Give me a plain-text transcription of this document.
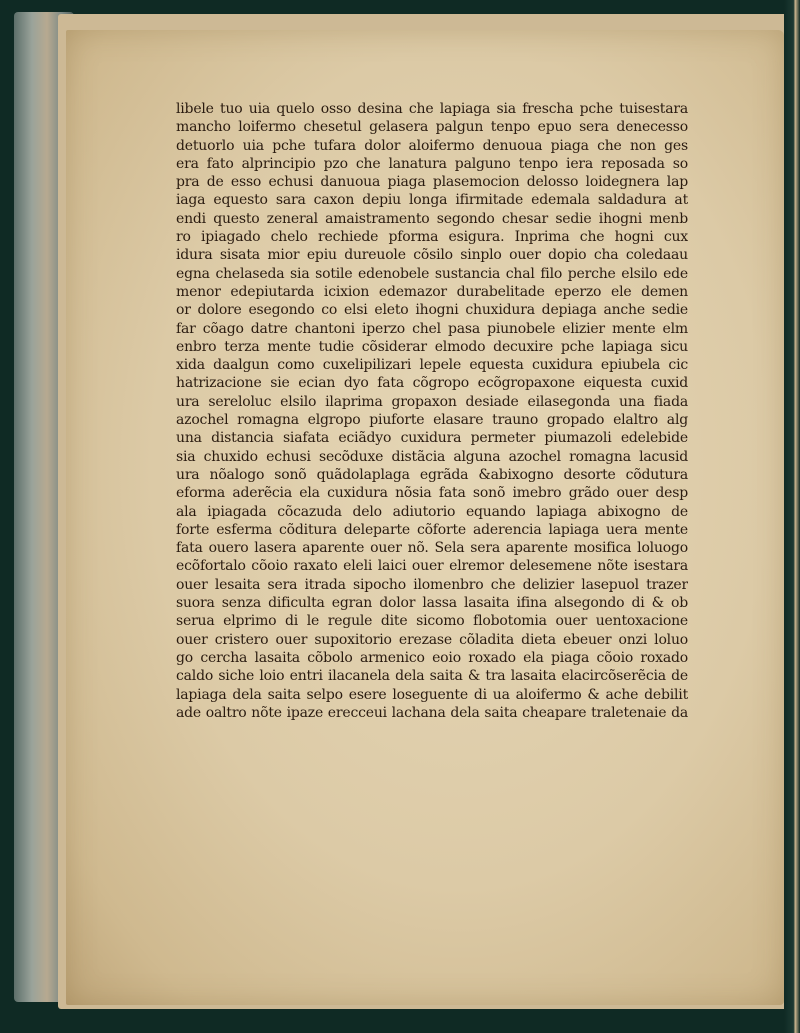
libele tuo uia quelo osso desina che lapiaga sia frescha pche tuisestara
mancho loifermo chesetul gelasera palgun tenpo epuo sera denecesso
detuorlo uia pche tufara dolor aloifermo denuoua piaga che non ges
era fato alprincipio pzo che lanatura palguno tenpo iera reposada so
pra de esso echusi danuoua piaga plasemocion delosso loidegnera lap
iaga equesto sara caxon depiu longa ifirmitade edemala saldadura at
endi questo zeneral amaistramento segondo chesar sedie ihogni menb
ro ipiagado chelo rechiede pforma esigura. Inprima che hogni cux
idura sisata mior epiu dureuole cõsilo sinplo ouer dopio cha coledaau
egna chelaseda sia sotile edenobele sustancia chal filo perche elsilo ede
menor edepiutarda icixion edemazor durabelitade eperzo ele demen
or dolore esegondo co elsi eleto ihogni chuxidura depiaga anche sedie
far cõago datre chantoni iperzo chel pasa piunobele elizier mente elm
enbro terza mente tudie cõsiderar elmodo decuxire pche lapiaga sicu
xida daalgun como cuxelipilizari lepele equesta cuxidura epiubela cic
hatrizacione sie ecian dyo fata cõgropo ecõgropaxone eiquesta cuxid
ura sereloluc elsilo ilaprima gropaxon desiade eilasegonda una fiada
azochel romagna elgropo piuforte elasare trauno gropado elaltro alg
una distancia siafata eciãdyo cuxidura permeter piumazoli edelebide
sia chuxido echusi secõduxe distãcia alguna azochel romagna lacusid
ura nõalogo sonõ quãdolaplaga egrãda &abixogno desorte cõdutura
eforma aderẽcia ela cuxidura nõsia fata sonõ imebro grãdo ouer desp
ala ipiagada cõcazuda delo adiutorio equando lapiaga abixogno de
forte esferma cõditura deleparte cõforte aderencia lapiaga uera mente
fata ouero lasera aparente ouer nõ. Sela sera aparente mosifica loluogo
ecõfortalo cõoio raxato eleli laici ouer elremor delesemene nõte isestara
ouer lesaita sera itrada sipocho ilomenbro che delizier lasepuol trazer
suora senza dificulta egran dolor lassa lasaita ifina alsegondo di & ob
serua elprimo di le regule dite sicomo flobotomia ouer uentoxacione
ouer cristero ouer supoxitorio erezase cõladita dieta ebeuer onzi loluo
go cercha lasaita cõbolo armenico eoio roxado ela piaga cõoio roxado
caldo siche loio entri ilacanela dela saita & tra lasaita elacircõserẽcia de
lapiaga dela saita selpo esere loseguente di ua aloifermo & ache debilit
ade oaltro nõte ipaze erecceui lachana dela saita cheapare traletenaie da
